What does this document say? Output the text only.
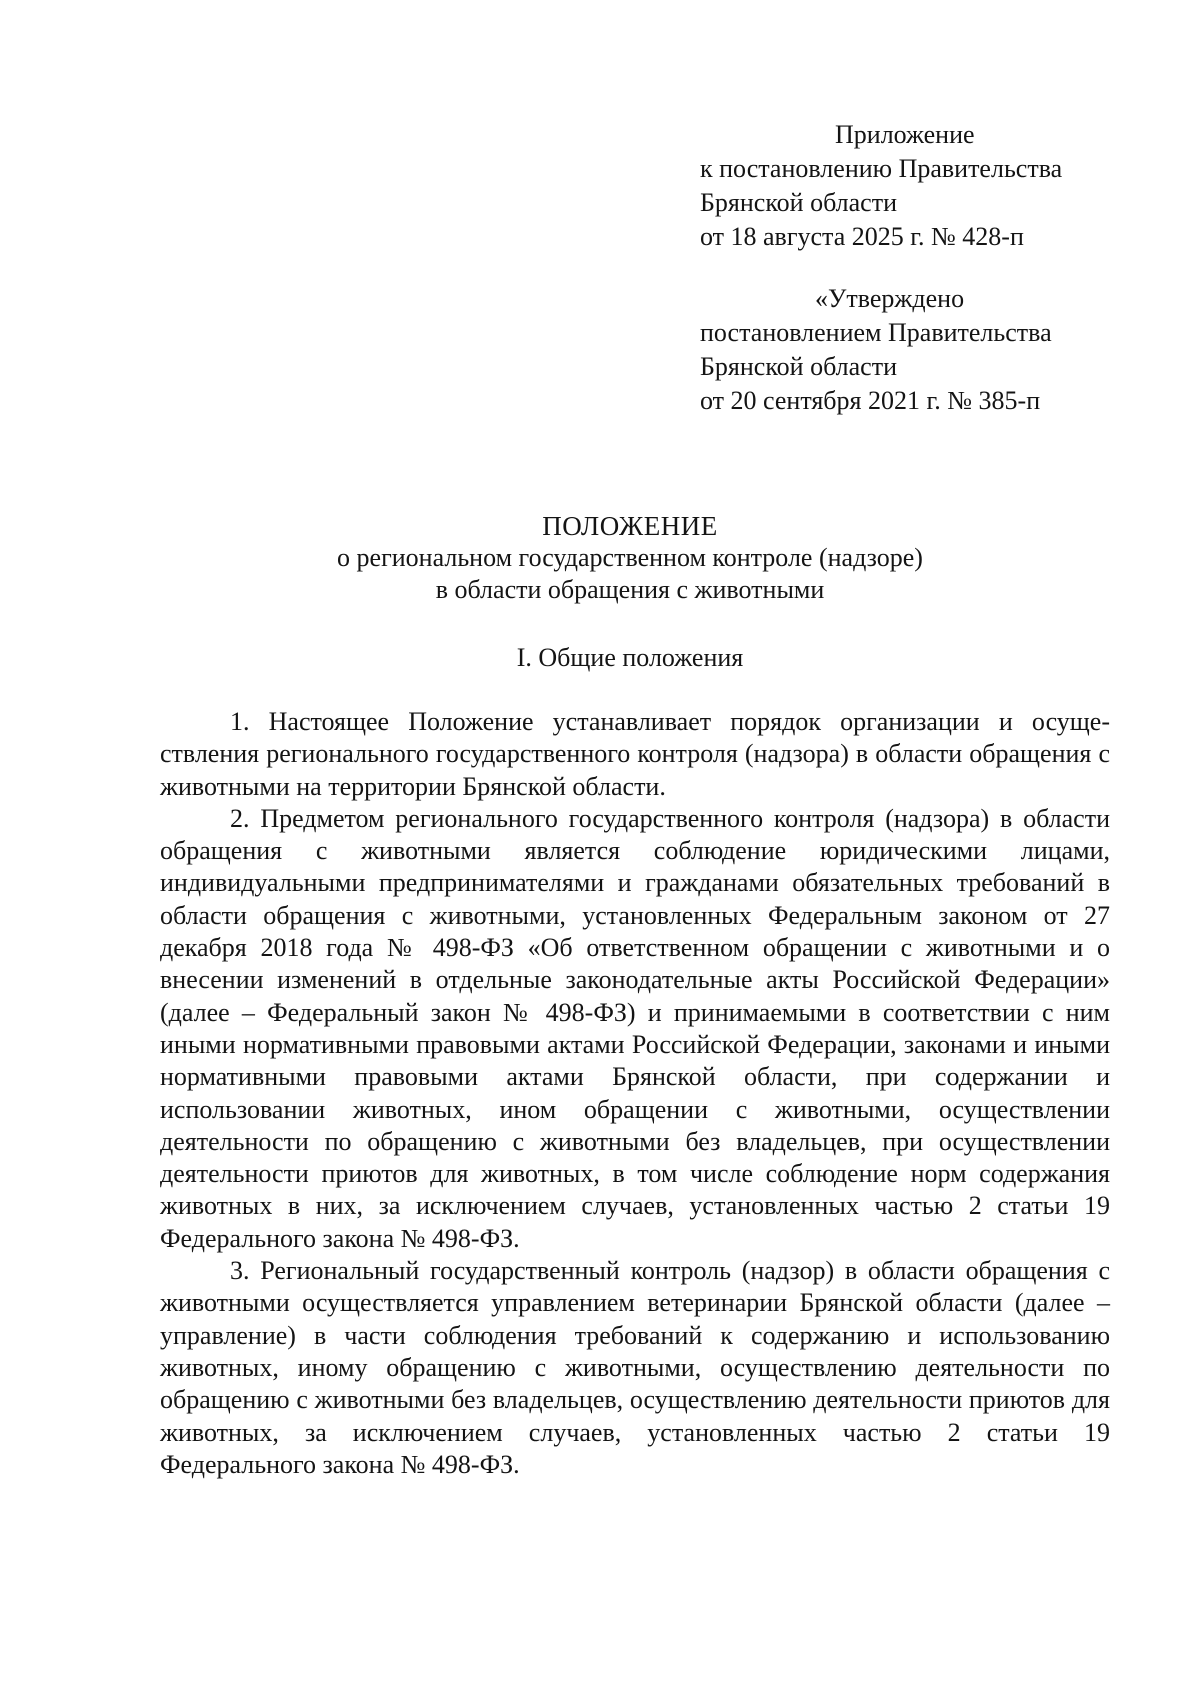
Приложение
к постановлению Правительства
Брянской области
от 18 августа 2025 г. № 428-п
«Утверждено
постановлением Правительства
Брянской области
от 20 сентября 2021 г. № 385-п
ПОЛОЖЕНИЕ
о региональном государственном контроле (надзоре)
в области обращения с животными
I. Общие положения

1. Настоящее Положение устанавливает порядок организации и осуществления регионального государственного контроля (надзора) в области обращения с животными на территории Брянской области.

2. Предметом регионального государственного контроля (надзора) в области обращения с животными является соблюдение юридическими лицами, индивидуальными предпринимателями и гражданами обязательных требований в области обращения с животными, установленных Федеральным законом от 27 декабря 2018 года № 498-ФЗ «Об ответственном обращении с животными и о внесении изменений в отдельные законодательные акты Российской Федерации» (далее – Федеральный закон № 498-ФЗ) и принимаемыми в соответствии с ним иными нормативными правовыми актами Российской Федерации, законами и иными нормативными правовыми актами Брянской области, при содержании и использовании животных, ином обращении с животными, осуществлении деятельности по обращению с животными без владельцев, при осуществлении деятельности приютов для животных, в том числе соблюдение норм содержания животных в них, за исключением случаев, установленных частью 2 статьи 19 Федерального закона № 498-ФЗ.

3. Региональный государственный контроль (надзор) в области обращения с животными осуществляется управлением ветеринарии Брянской области (далее – управление) в части соблюдения требований к содержанию и использованию животных, иному обращению с животными, осуществлению деятельности по обращению с животными без владельцев, осуществлению деятельности приютов для животных, за исключением случаев, установленных частью 2 статьи 19 Федерального закона № 498-ФЗ.
